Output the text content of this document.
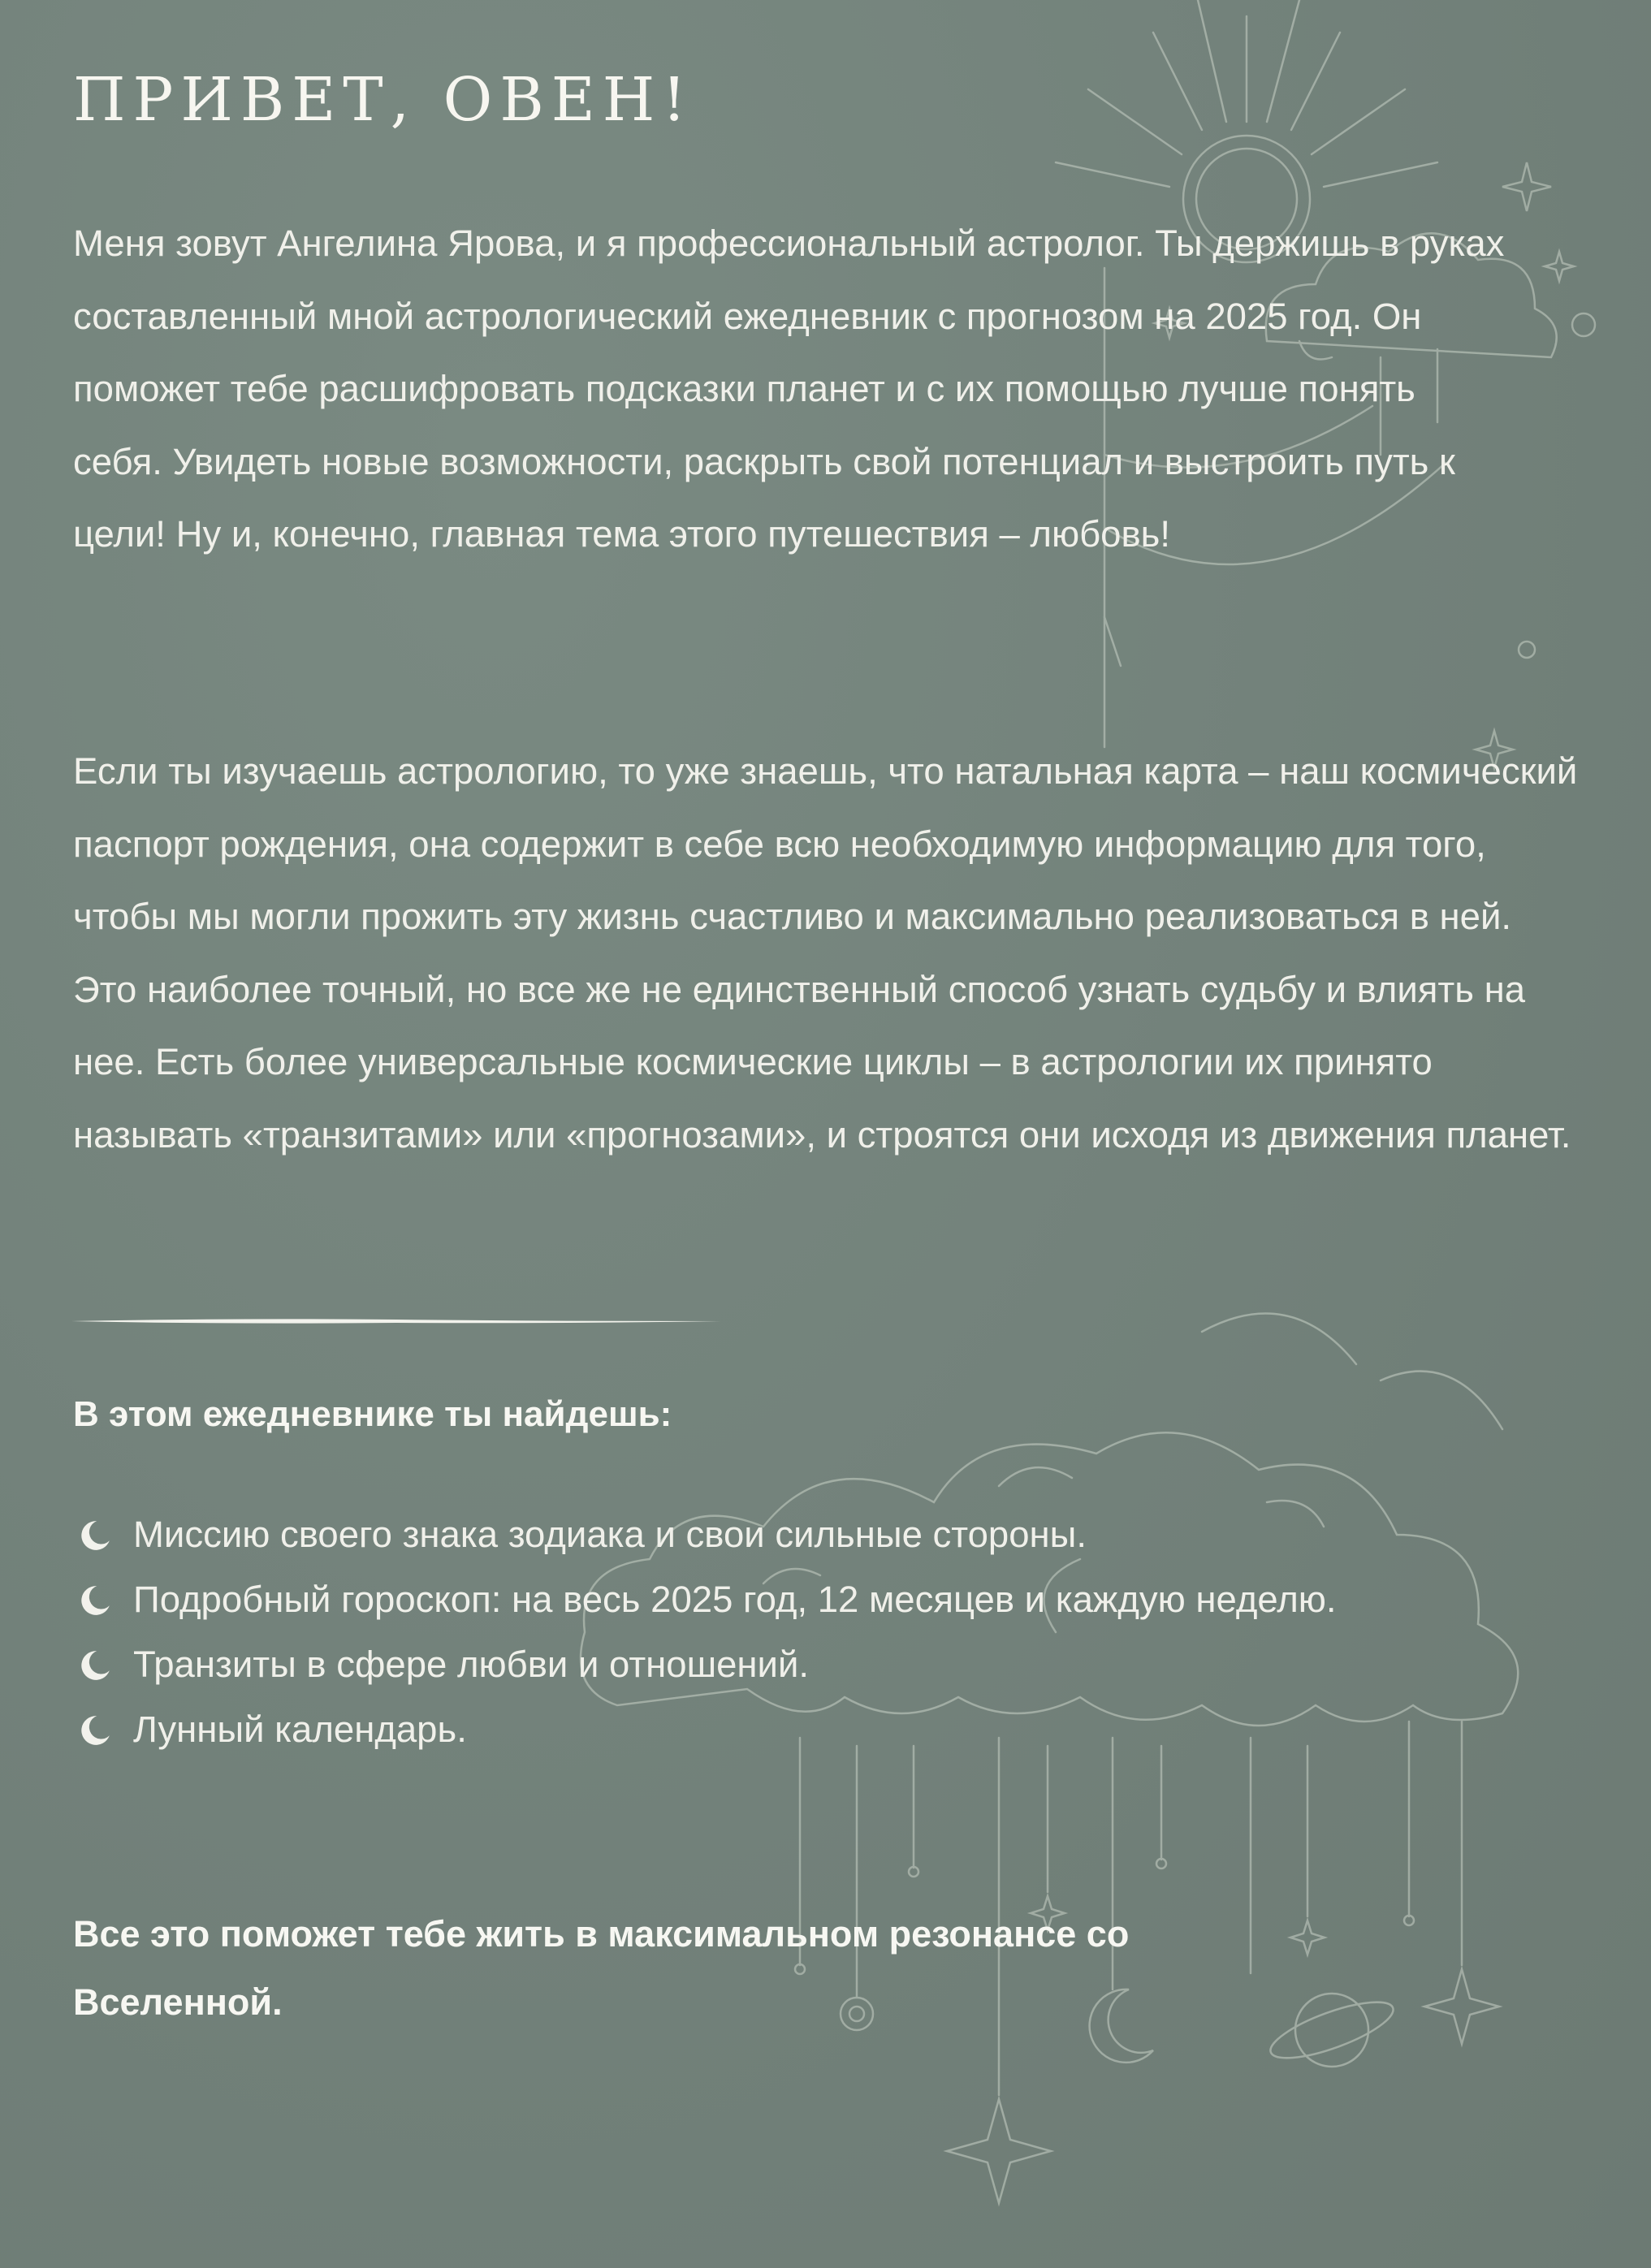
ПРИВЕТ, ОВЕН!

Меня зовут Ангелина Ярова, и я профессиональный астролог. Ты держишь в руках составленный мной астрологический ежедневник с прогнозом на 2025 год. Он поможет тебе расшифровать подсказки планет и с их помощью лучше понять себя. Увидеть новые возможности, раскрыть свой потенциал и выстроить путь к цели! Ну и, конечно, главная тема этого путешествия – любовь!

Если ты изучаешь астрологию, то уже знаешь, что натальная карта – наш космический паспорт рождения, она содержит в себе всю необходимую информацию для того, чтобы мы могли прожить эту жизнь счастливо и максимально реализоваться в ней. Это наиболее точный, но все же не единственный способ узнать судьбу и влиять на нее. Есть более универсальные космические циклы – в астрологии их принято называть «транзитами» или «прогнозами», и строятся они исходя из движения планет.

В этом ежедневнике ты найдешь:

Миссию своего знака зодиака и свои сильные стороны.
Подробный гороскоп: на весь 2025 год, 12 месяцев и каждую неделю.
Транзиты в сфере любви и отношений.
Лунный календарь.

Все это поможет тебе жить в максимальном резонансе со Вселенной.
